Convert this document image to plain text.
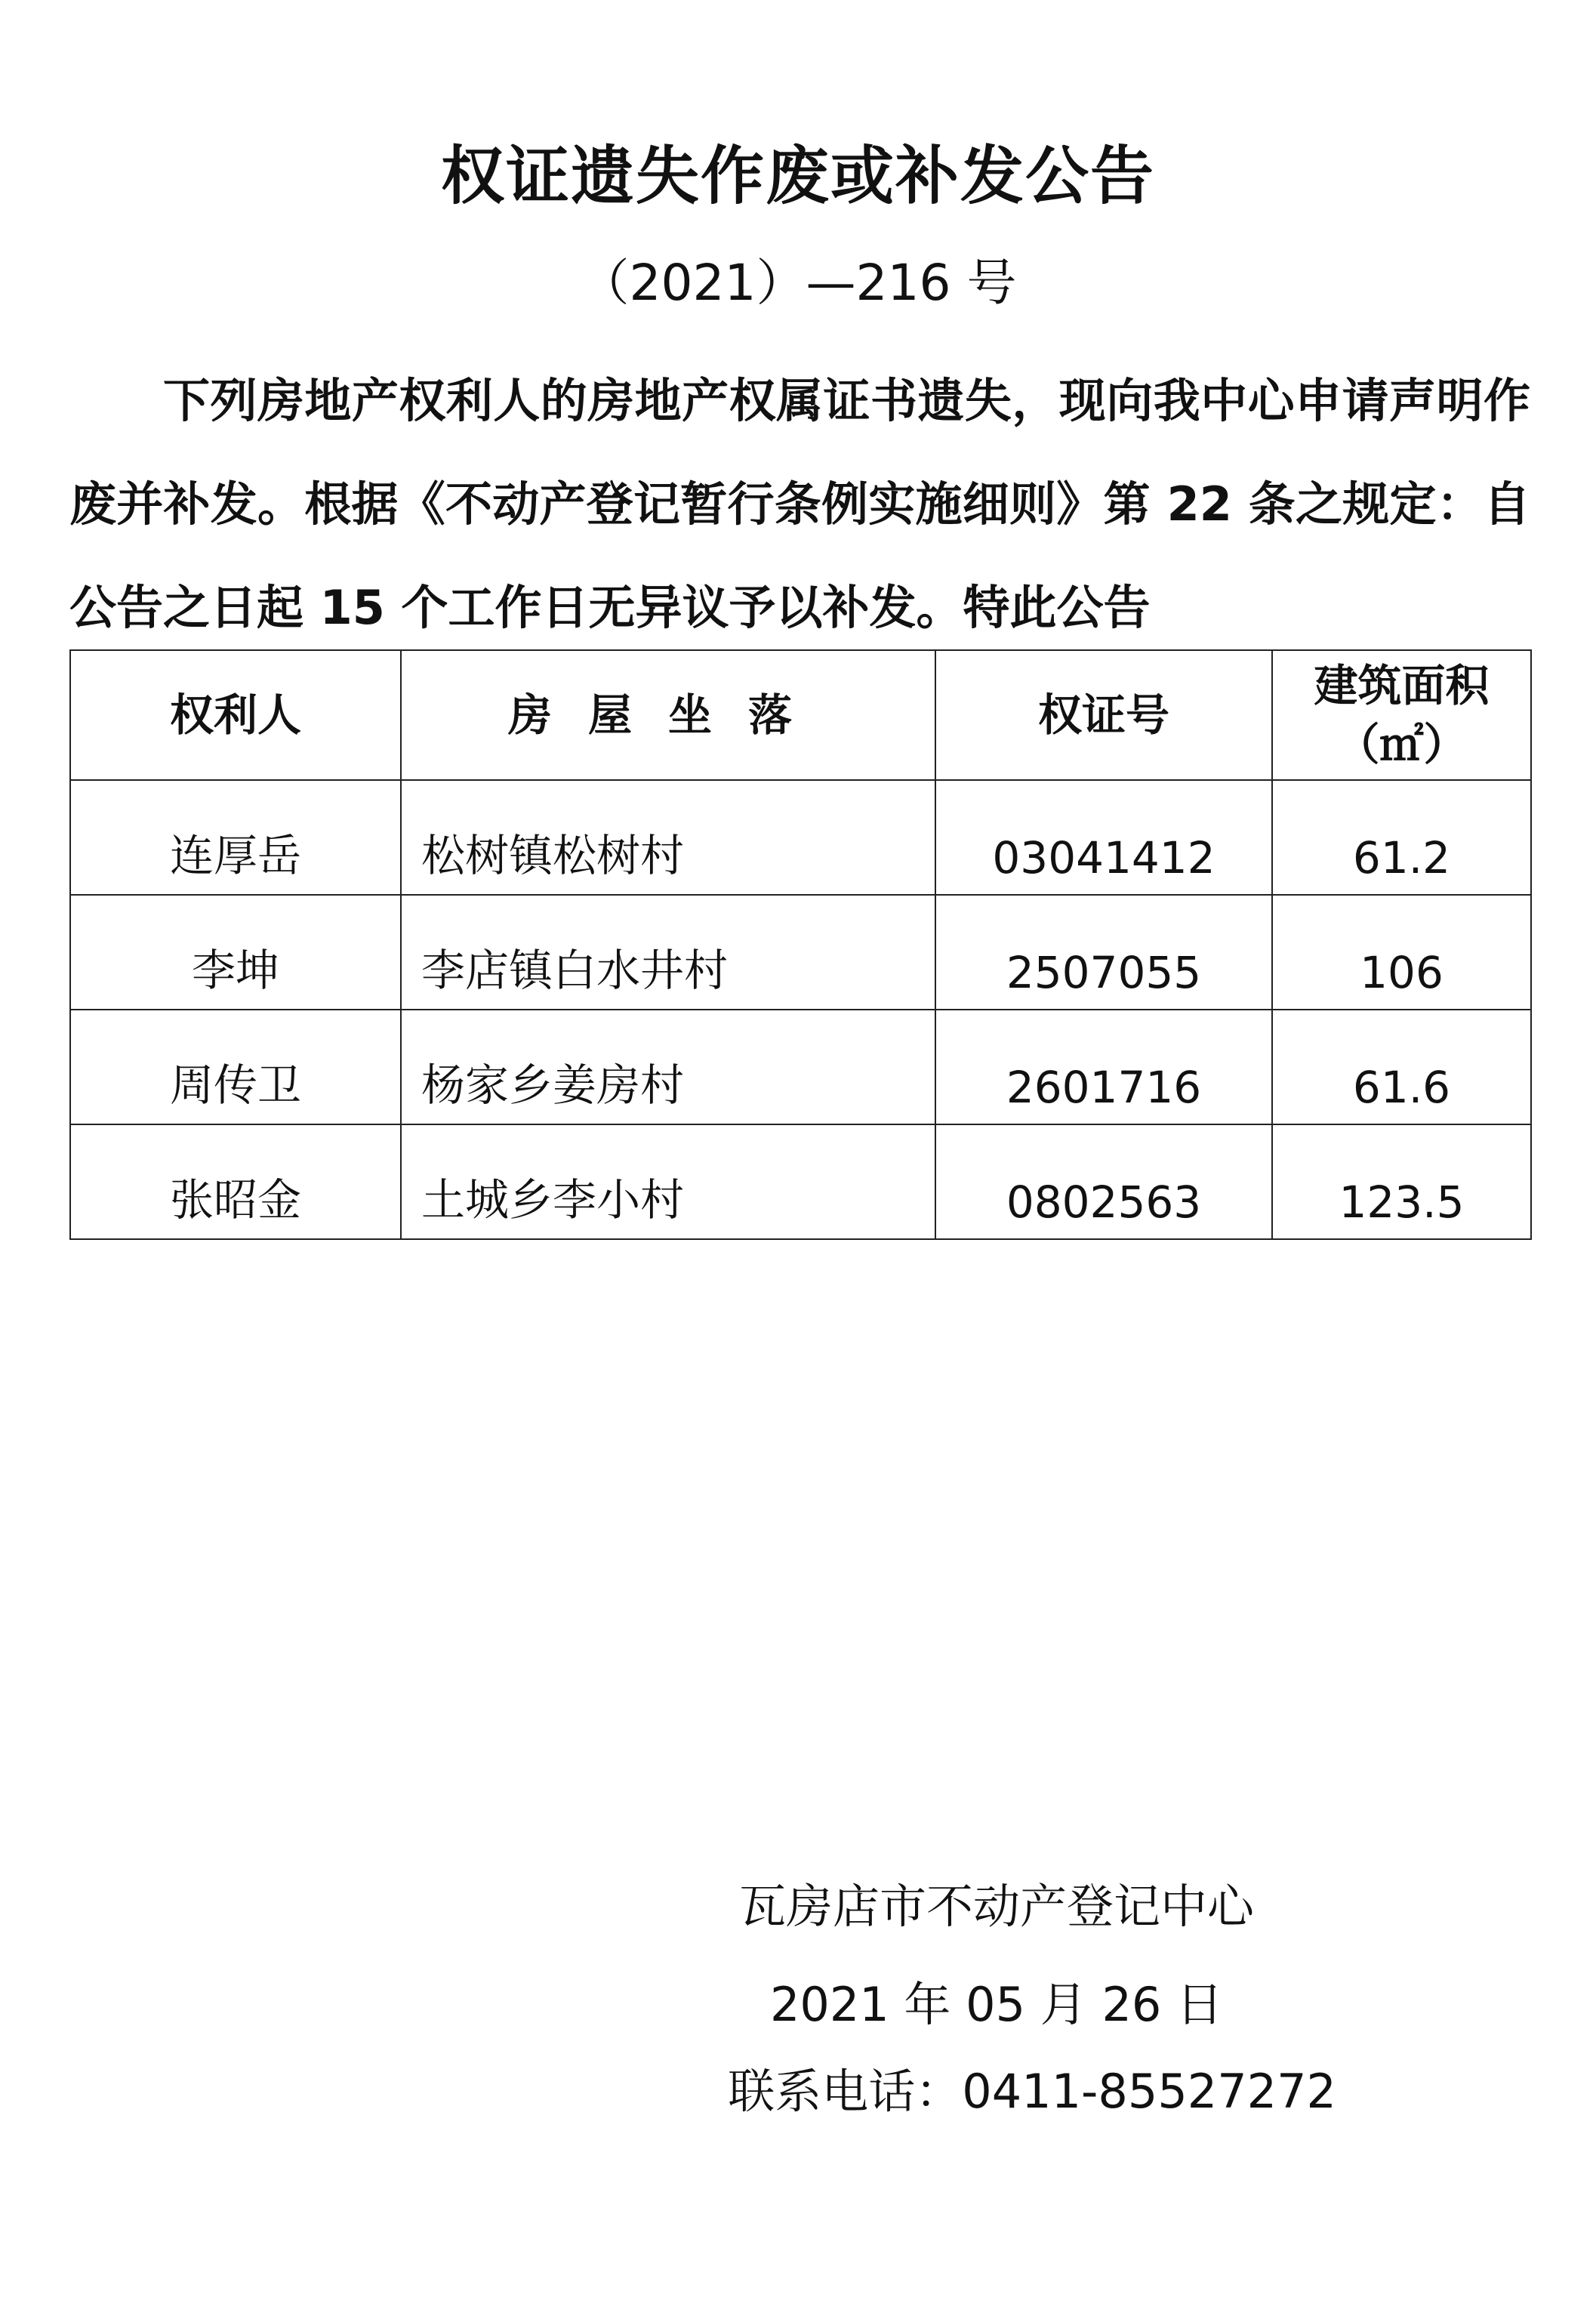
权证遗失作废或补发公告
（2021）—216 号
下列房地产权利人的房地产权属证书遗失，现向我中心申请声明作废并补发。根据《不动产登记暂行条例实施细则》第 22 条之规定：自公告之日起 15 个工作日无异议予以补发。特此公告
权利人	房屋坐落	权证号	建筑面积
（㎡）

连厚岳	松树镇松树村	03041412	61.2
李坤	李店镇白水井村	2507055	106
周传卫	杨家乡姜房村	2601716	61.6
张昭金	土城乡李小村	0802563	123.5
瓦房店市不动产登记中心
2021 年 05 月 26 日
联系电话：0411-85527272
